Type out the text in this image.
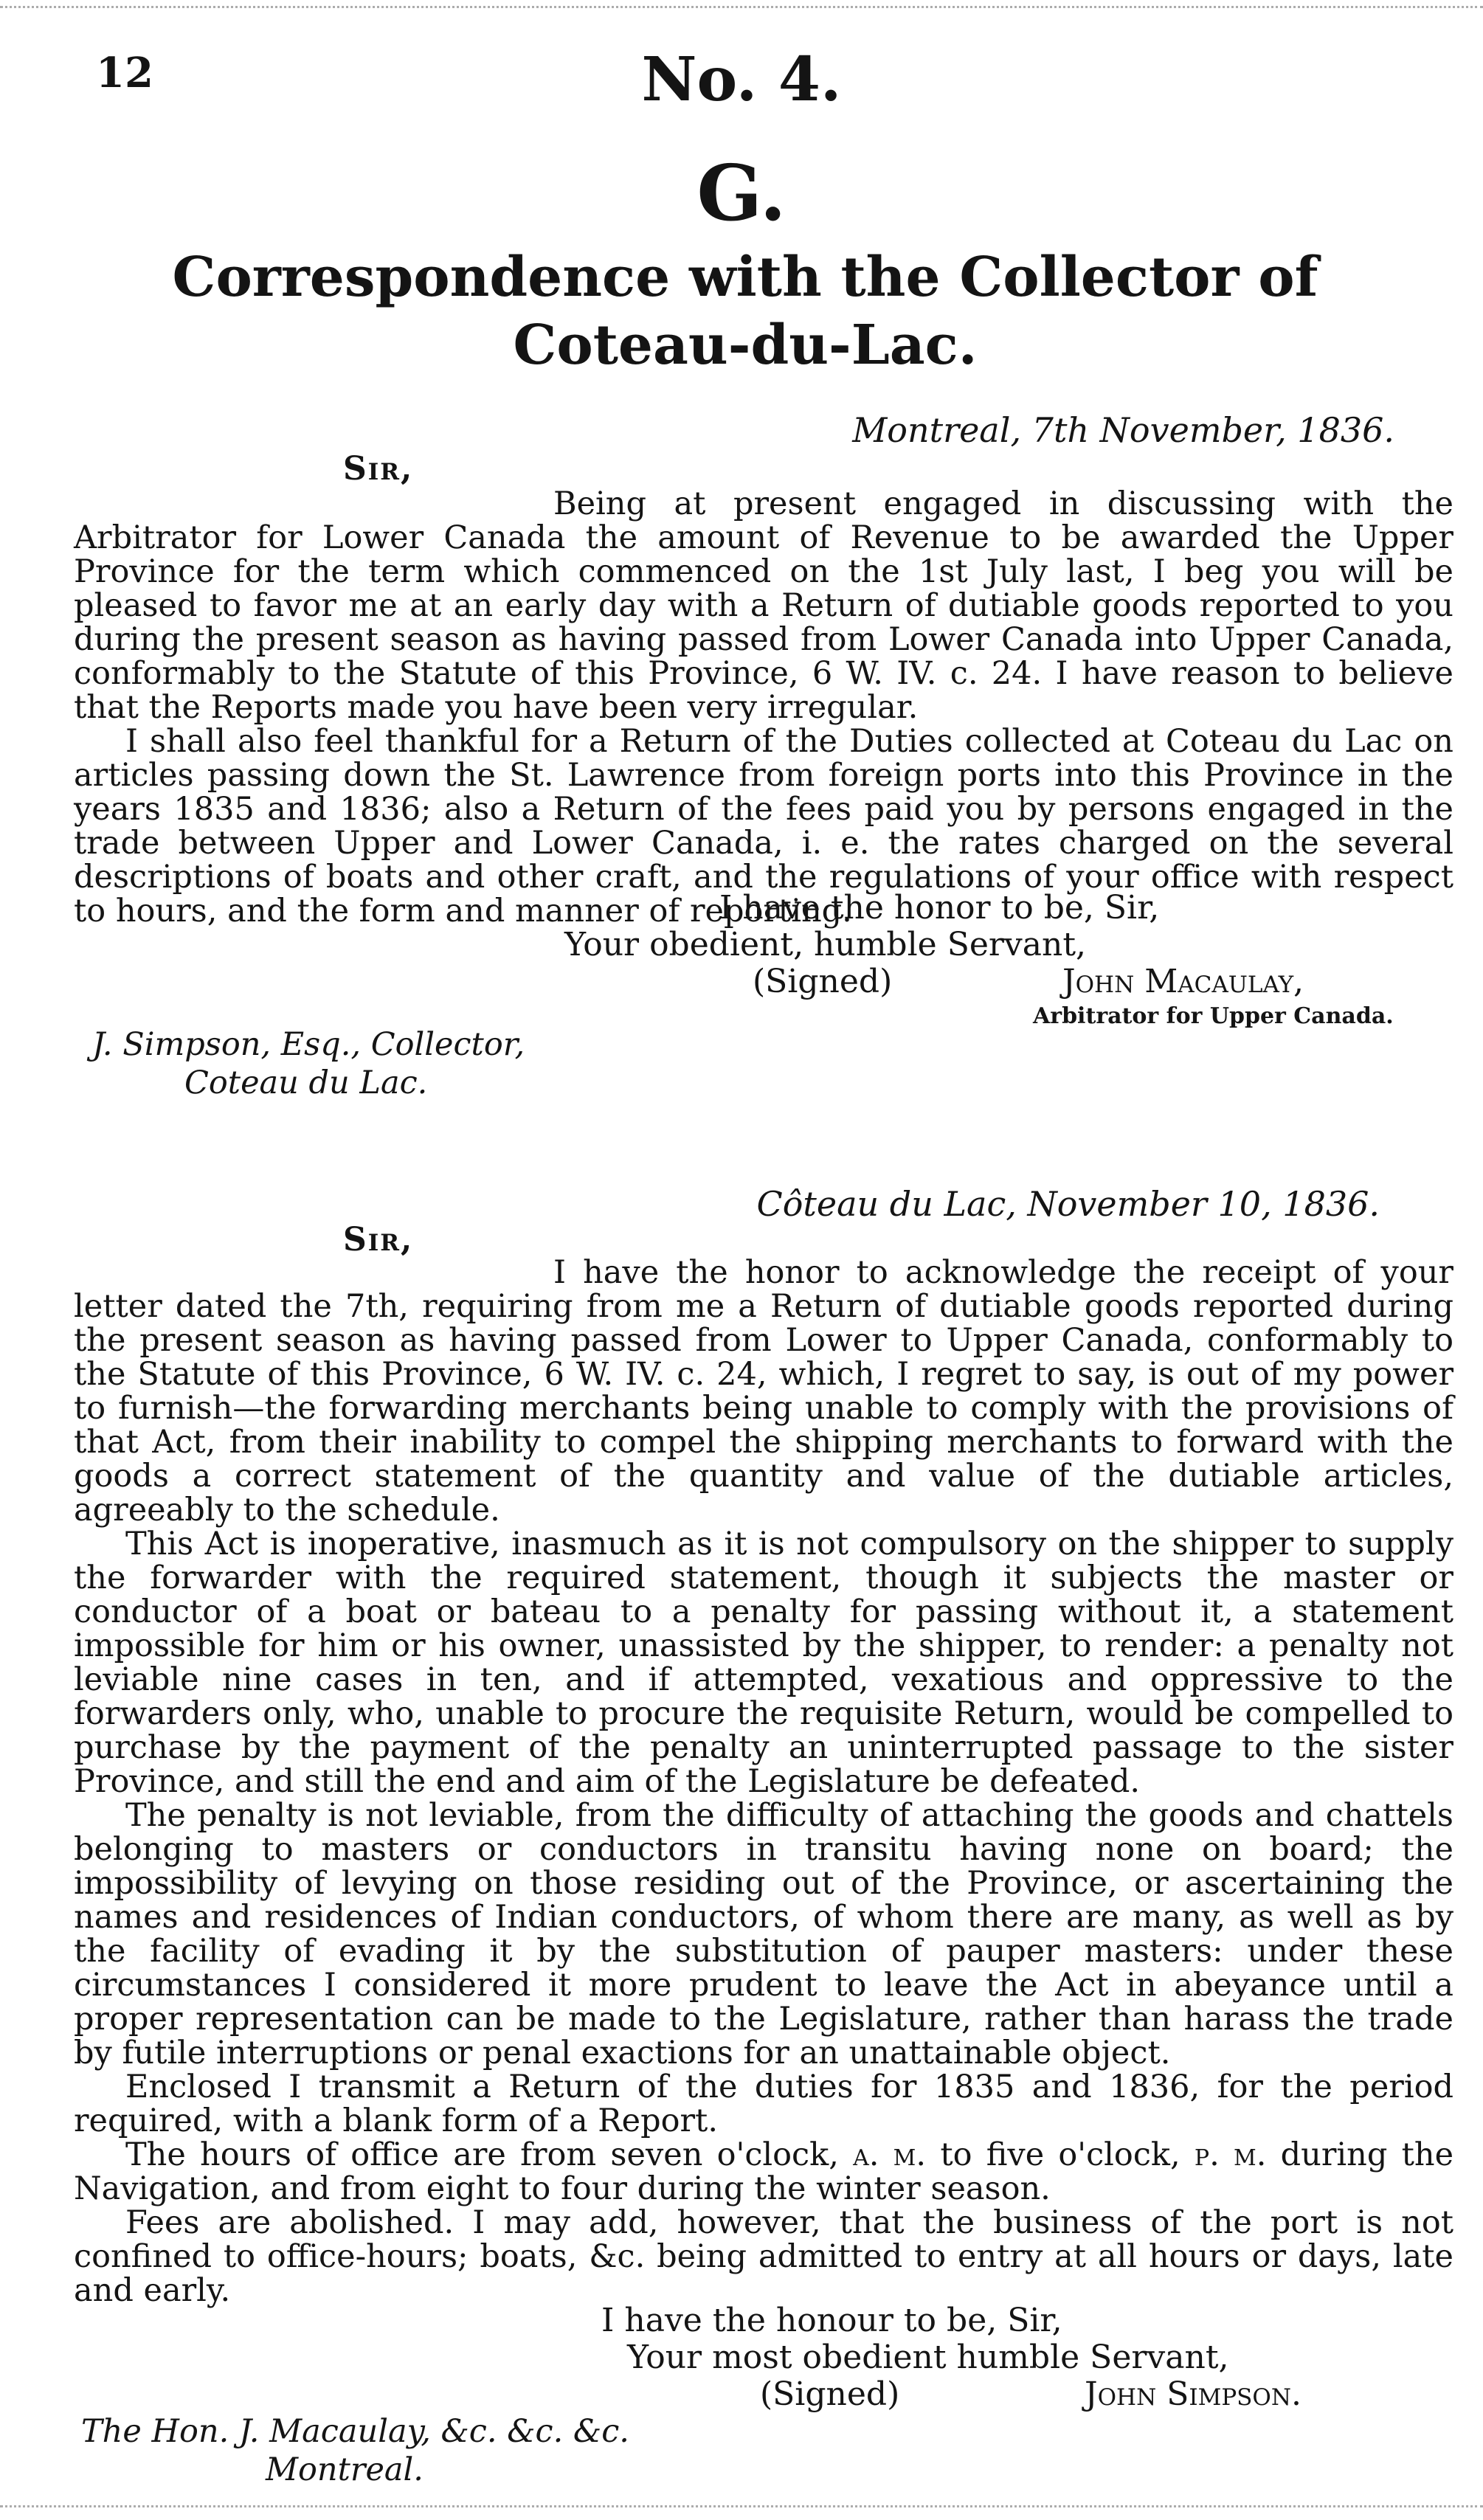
12	No. 4.
G.
Correspondence with the Collector of
Coteau-du-Lac.
Montreal, 7th November, 1836.
Sir,

Being at present engaged in discussing with the Arbitrator for Lower Canada the amount of Revenue to be awarded the Upper Province for the term which commenced on the 1st July last, I beg you will be pleased to favor me at an early day with a Return of dutiable goods reported to you during the present season as having passed from Lower Canada into Upper Canada, conformably to the Statute of this Province, 6 W. IV. c. 24. I have reason to believe that the Reports made you have been very irregular.

I shall also feel thankful for a Return of the Duties collected at Coteau du Lac on articles passing down the St. Lawrence from foreign ports into this Province in the years 1835 and 1836; also a Return of the fees paid you by persons engaged in the trade between Upper and Lower Canada, i. e. the rates charged on the several descriptions of boats and other craft, and the regulations of your office with respect to hours, and the form and manner of reporting.

I have the honor to be, Sir,
Your obedient, humble Servant,
(Signed)	John Macaulay,
Arbitrator for Upper Canada.
J. Simpson, Esq., Collector,
Coteau du Lac.
Côteau du Lac, November 10, 1836.
Sir,

I have the honor to acknowledge the receipt of your letter dated the 7th, requiring from me a Return of dutiable goods reported during the present season as having passed from Lower to Upper Canada, conformably to the Statute of this Province, 6 W. IV. c. 24, which, I regret to say, is out of my power to furnish—the forwarding merchants being unable to comply with the provisions of that Act, from their inability to compel the shipping merchants to forward with the goods a correct statement of the quantity and value of the dutiable articles, agreeably to the schedule.

This Act is inoperative, inasmuch as it is not compulsory on the shipper to supply the forwarder with the required statement, though it subjects the master or conductor of a boat or bateau to a penalty for passing without it, a statement impossible for him or his owner, unassisted by the shipper, to render: a penalty not leviable nine cases in ten, and if attempted, vexatious and oppressive to the forwarders only, who, unable to procure the requisite Return, would be compelled to purchase by the payment of the penalty an uninterrupted passage to the sister Province, and still the end and aim of the Legislature be defeated.

The penalty is not leviable, from the difficulty of attaching the goods and chattels belonging to masters or conductors in transitu having none on board; the impossibility of levying on those residing out of the Province, or ascertaining the names and residences of Indian conductors, of whom there are many, as well as by the facility of evading it by the substitution of pauper masters: under these circumstances I considered it more prudent to leave the Act in abeyance until a proper representation can be made to the Legislature, rather than harass the trade by futile interruptions or penal exactions for an unattainable object.

Enclosed I transmit a Return of the duties for 1835 and 1836, for the period required, with a blank form of a Report.

The hours of office are from seven o'clock, a. m. to five o'clock, p. m. during the Navigation, and from eight to four during the winter season.

Fees are abolished. I may add, however, that the business of the port is not confined to office-hours; boats, &c. being admitted to entry at all hours or days, late and early.

I have the honour to be, Sir,
Your most obedient humble Servant,
(Signed)	John Simpson.
The Hon. J. Macaulay, &c. &c. &c.
Montreal.
